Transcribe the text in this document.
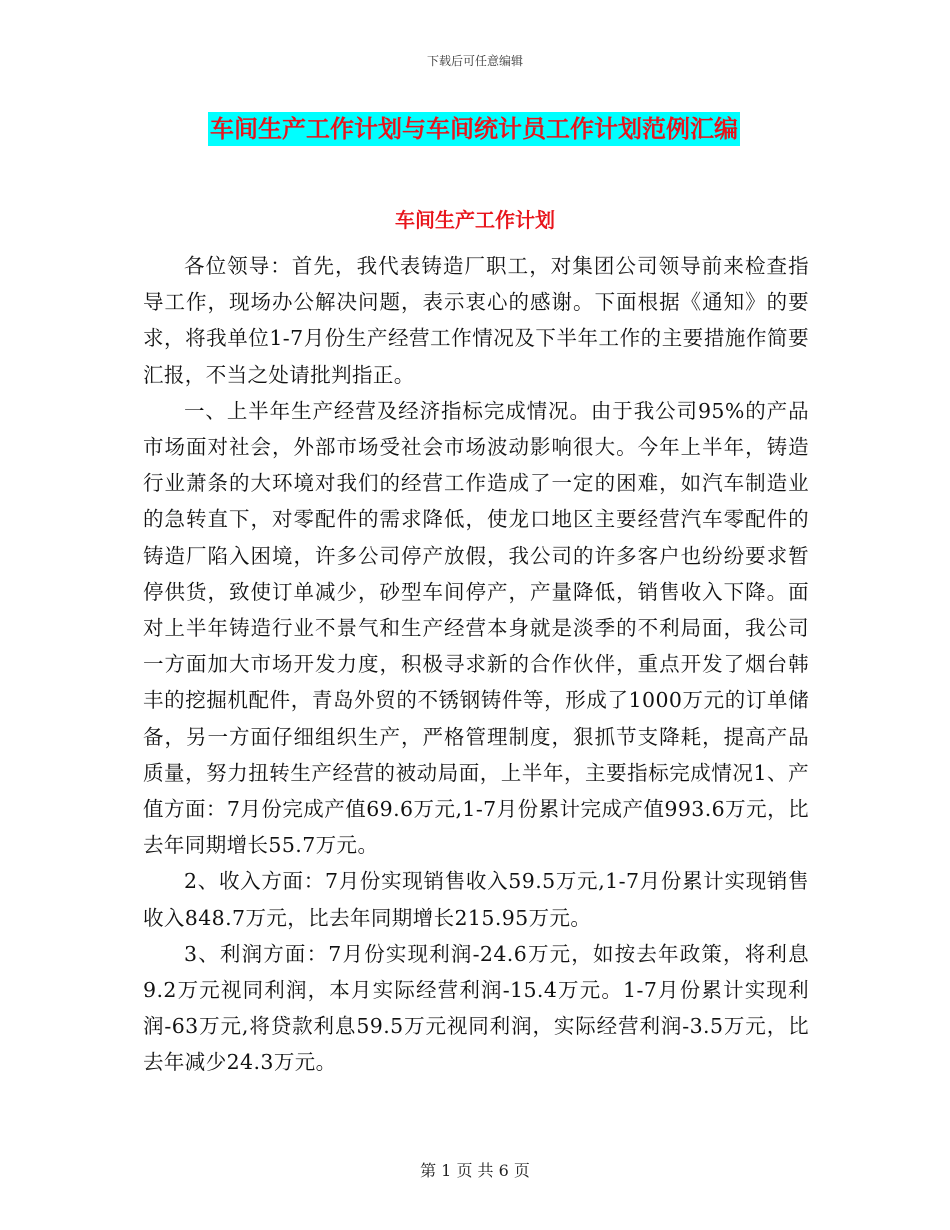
下载后可任意编辑
车间生产工作计划与车间统计员工作计划范例汇编
车间生产工作计划

各位领导：首先，我代表铸造厂职工，对集团公司领导前来检查指导工作，现场办公解决问题，表示衷心的感谢。下面根据《通知》的要求，将我单位1-7月份生产经营工作情况及下半年工作的主要措施作简要汇报，不当之处请批判指正。

一、上半年生产经营及经济指标完成情况。由于我公司95%的产品市场面对社会，外部市场受社会市场波动影响很大。今年上半年，铸造行业萧条的大环境对我们的经营工作造成了一定的困难，如汽车制造业的急转直下，对零配件的需求降低，使龙口地区主要经营汽车零配件的铸造厂陷入困境，许多公司停产放假，我公司的许多客户也纷纷要求暂停供货，致使订单减少，砂型车间停产，产量降低，销售收入下降。面对上半年铸造行业不景气和生产经营本身就是淡季的不利局面，我公司一方面加大市场开发力度，积极寻求新的合作伙伴，重点开发了烟台韩丰的挖掘机配件，青岛外贸的不锈钢铸件等，形成了1000万元的订单储备，另一方面仔细组织生产，严格管理制度，狠抓节支降耗，提高产品质量，努力扭转生产经营的被动局面，上半年，主要指标完成情况1、产值方面：7月份完成产值69.6万元,1-7月份累计完成产值993.6万元，比去年同期增长55.7万元。

2、收入方面：7月份实现销售收入59.5万元,1-7月份累计实现销售收入848.7万元，比去年同期增长215.95万元。

3、利润方面：7月份实现利润-24.6万元，如按去年政策，将利息9.2万元视同利润，本月实际经营利润-15.4万元。1-7月份累计实现利润-63万元,将贷款利息59.5万元视同利润，实际经营利润-3.5万元，比去年减少24.3万元。

第 1 页 共 6 页
